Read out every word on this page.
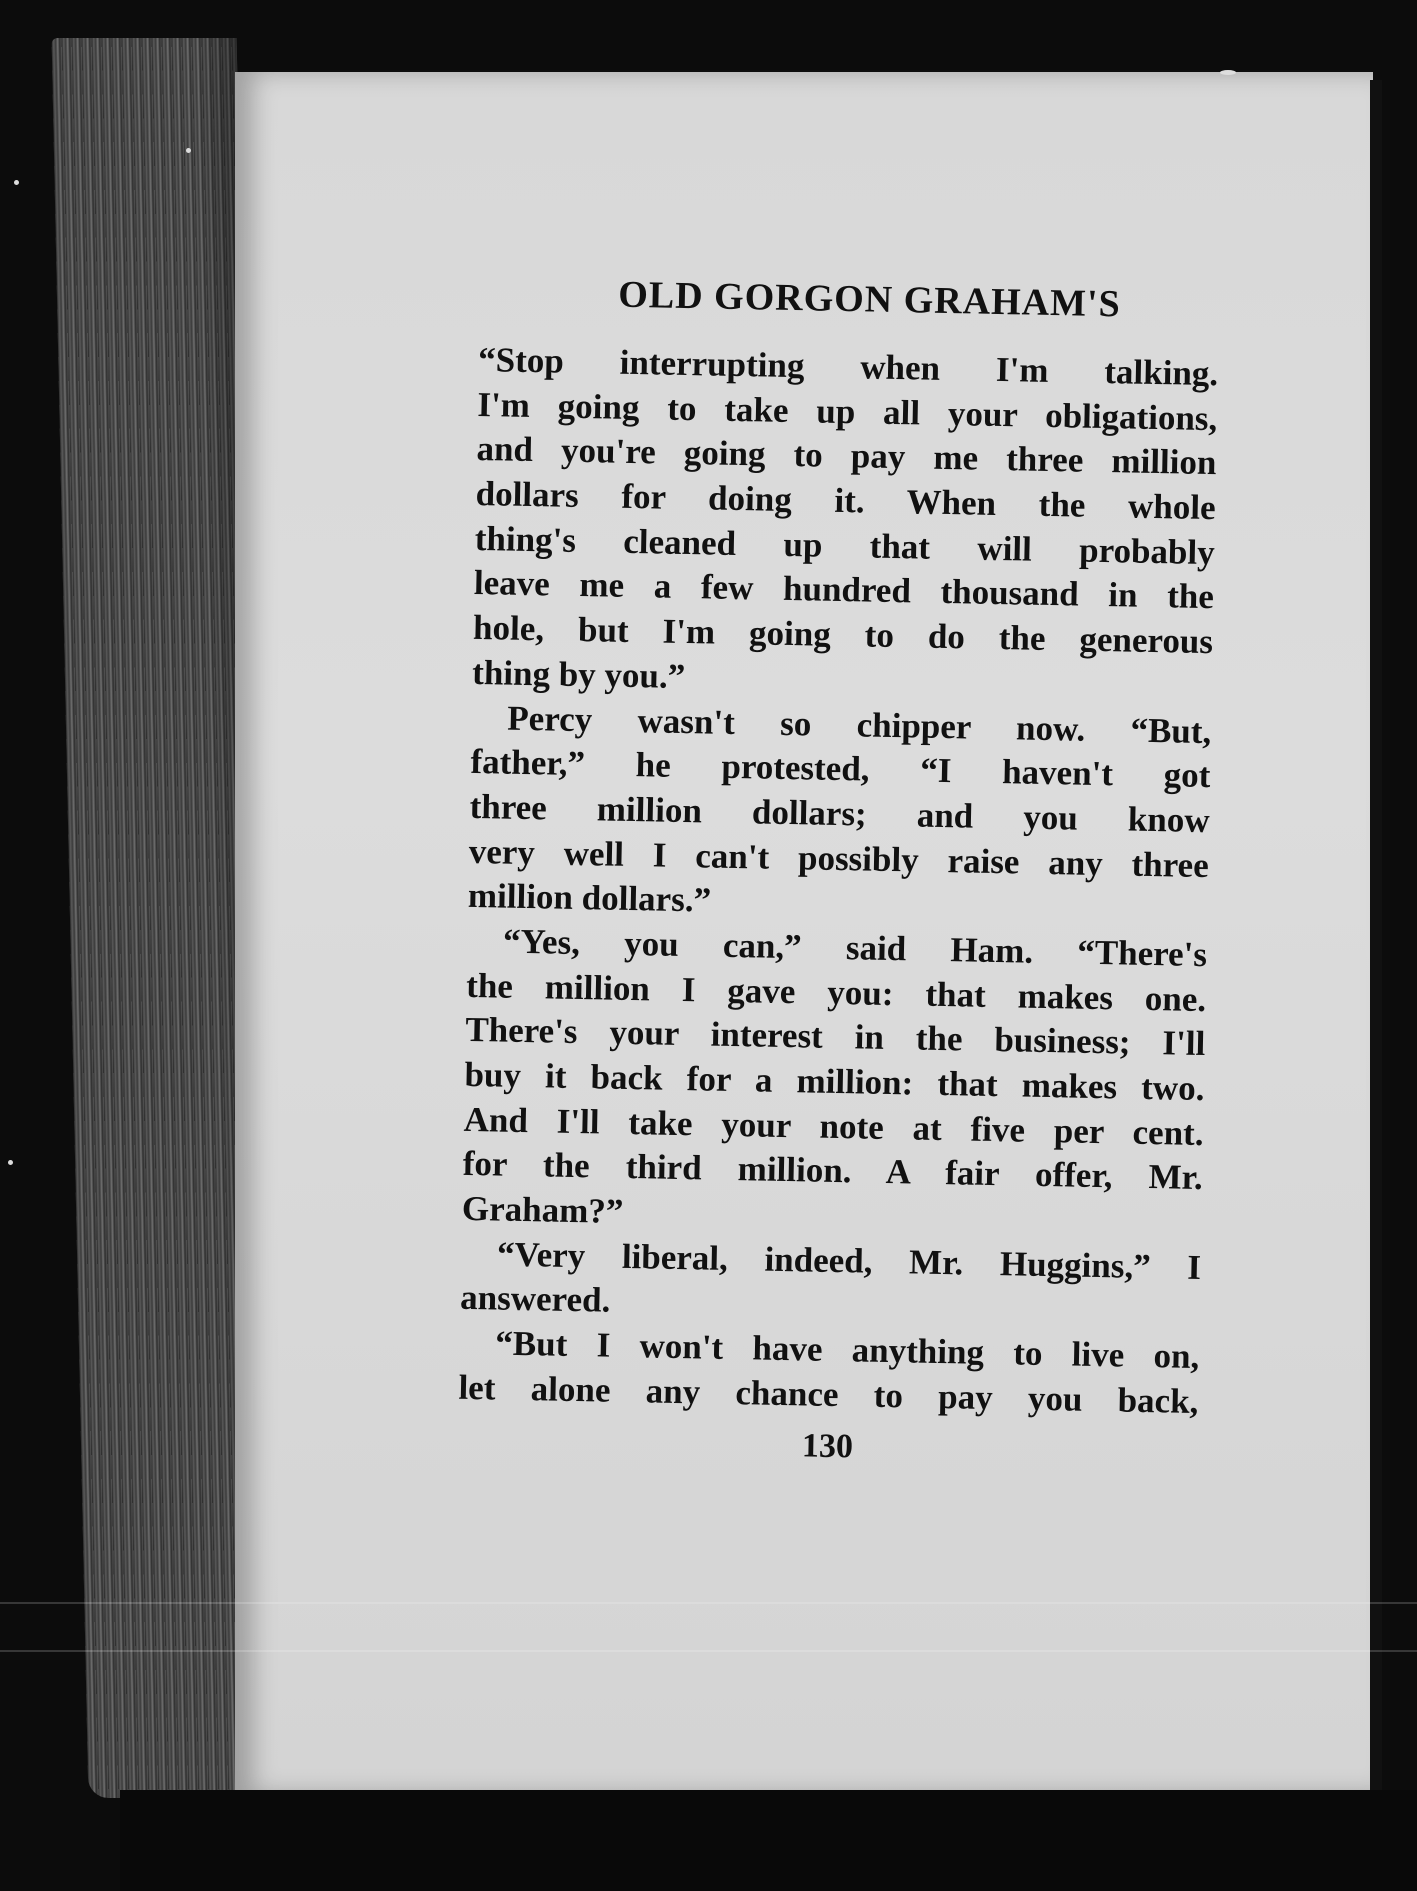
OLD GORGON GRAHAM'S
“Stop interrupting when I'm talking.
I'm going to take up all your obligations,
and you're going to pay me three million
dollars for doing it. When the whole
thing's cleaned up that will probably
leave me a few hundred thousand in the
hole, but I'm going to do the generous
thing by you.”
Percy wasn't so chipper now. “But,
father,” he protested, “I haven't got
three million dollars; and you know
very well I can't possibly raise any three
million dollars.”
“Yes, you can,” said Ham. “There's
the million I gave you: that makes one.
There's your interest in the business; I'll
buy it back for a million: that makes two.
And I'll take your note at five per cent.
for the third million. A fair offer, Mr.
Graham?”
“Very liberal, indeed, Mr. Huggins,” I
answered.
“But I won't have anything to live on,
let alone any chance to pay you back,
130
